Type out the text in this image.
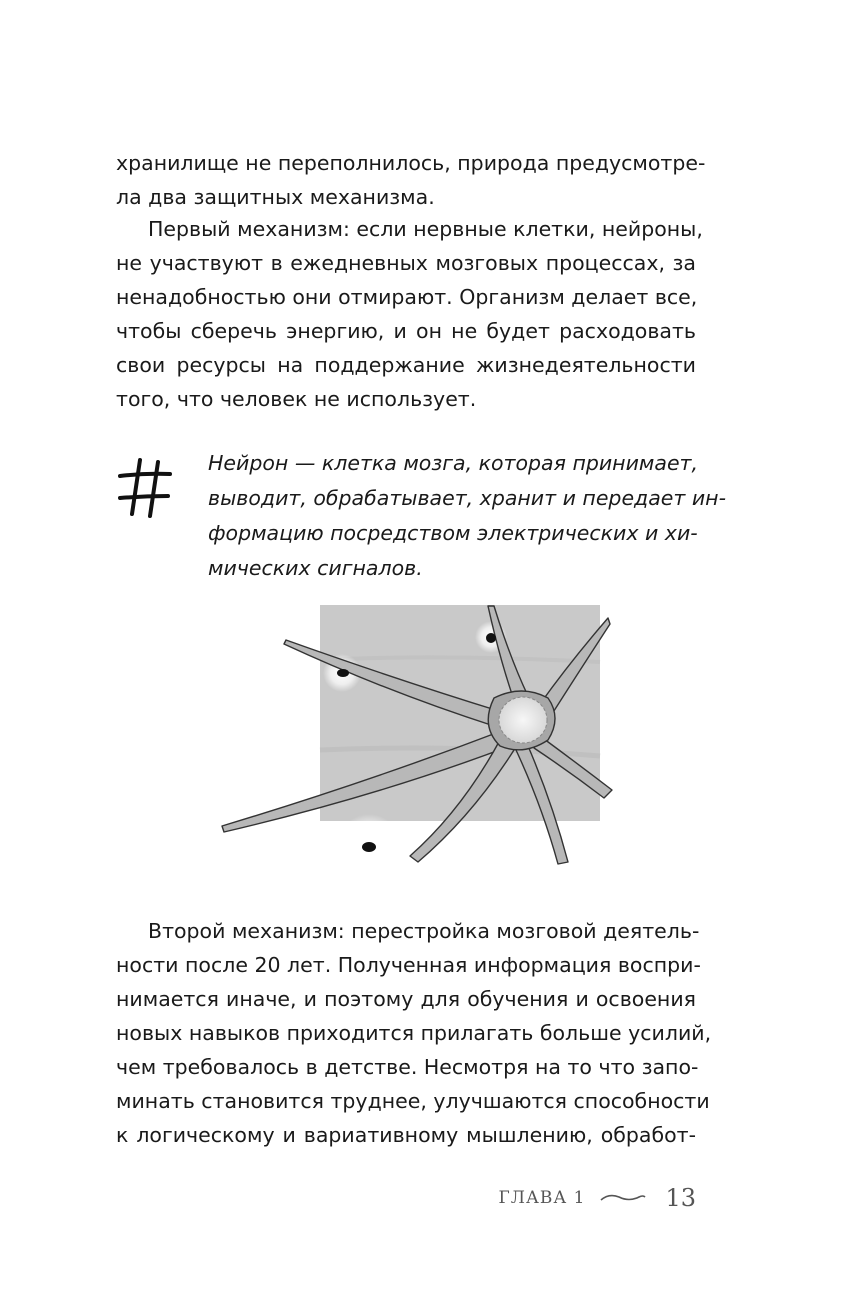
хранилище не переполнилось, природа предусмотре-
ла два защитных механизма.
Первый механизм: если нервные клетки, нейроны,
не участвуют в ежедневных мозговых процессах, за
ненадобностью они отмирают. Организм делает все,
чтобы сберечь энергию, и он не будет расходовать
свои ресурсы на поддержание жизнедеятельности
того, что человек не использует.
Нейрон — клетка мозга, которая принимает,
выводит, обрабатывает, хранит и передает ин-
формацию посредством электрических и хи-
мических сигналов.
Второй механизм: перестройка мозговой деятель-
ности после 20 лет. Полученная информация воспри-
нимается иначе, и поэтому для обучения и освоения
новых навыков приходится прилагать больше усилий,
чем требовалось в детстве. Несмотря на то что запо-
минать становится труднее, улучшаются способности
к логическому и вариативному мышлению, обработ-
ГЛАВА 1	13
